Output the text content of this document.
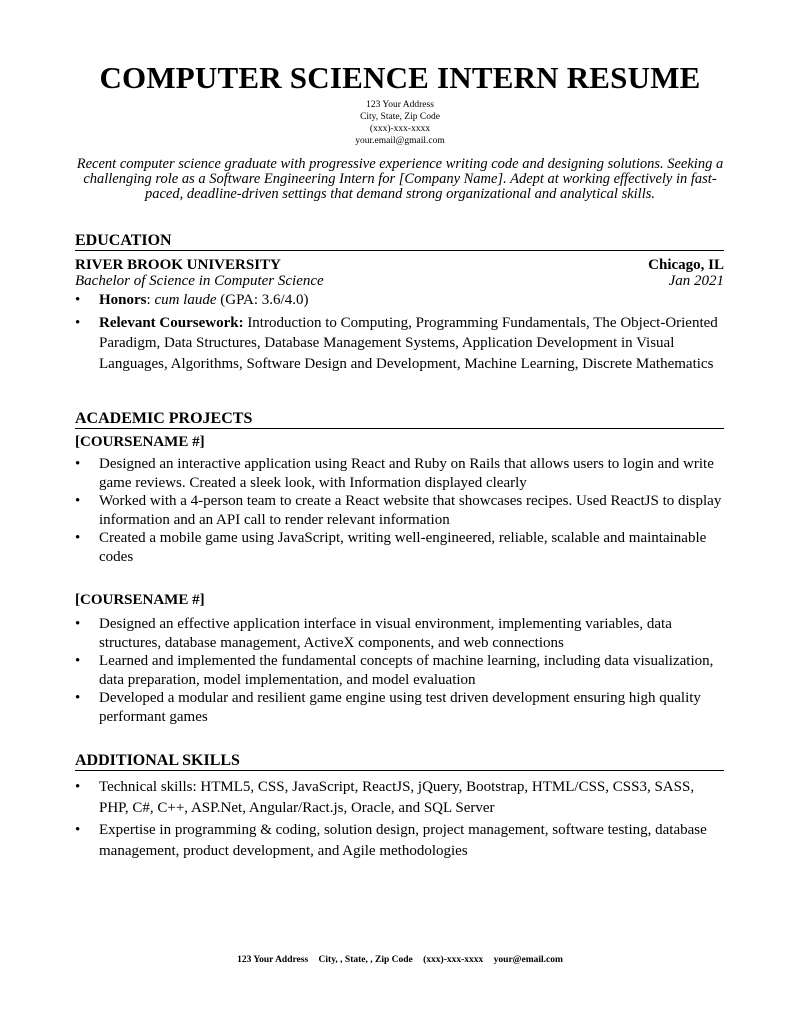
COMPUTER SCIENCE INTERN RESUME
123 Your Address
City, State, Zip Code
(xxx)-xxx-xxxx
your.email@gmail.com
Recent computer science graduate with progressive experience writing code and designing solutions. Seeking a challenging role as a Software Engineering Intern for [Company Name]. Adept at working effectively in fast-paced, deadline-driven settings that demand strong organizational and analytical skills.
EDUCATION
RIVER BROOK UNIVERSITY	Chicago, IL
Bachelor of Science in Computer Science	Jan 2021
•	Honors: cum laude (GPA: 3.6/4.0)
•	Relevant Coursework: Introduction to Computing, Programming Fundamentals, The Object-Oriented Paradigm, Data Structures, Database Management Systems, Application Development in Visual Languages, Algorithms, Software Design and Development, Machine Learning, Discrete Mathematics
ACADEMIC PROJECTS
[COURSENAME #]
•	Designed an interactive application using React and Ruby on Rails that allows users to login and write game reviews. Created a sleek look, with Information displayed clearly
•	Worked with a 4-person team to create a React website that showcases recipes. Used ReactJS to display information and an API call to render relevant information
•	Created a mobile game using JavaScript, writing well-engineered, reliable, scalable and maintainable codes
[COURSENAME #]
•	Designed an effective application interface in visual environment, implementing variables, data structures, database management, ActiveX components, and web connections
•	Learned and implemented the fundamental concepts of machine learning, including data visualization, data preparation, model implementation, and model evaluation
•	Developed a modular and resilient game engine using test driven development ensuring high quality performant games
ADDITIONAL SKILLS
•	Technical skills: HTML5, CSS, JavaScript, ReactJS, jQuery, Bootstrap, HTML/CSS, CSS3, SASS, PHP, C#, C++, ASP.Net, Angular/Ract.js, Oracle, and SQL Server
•	Expertise in programming & coding, solution design, project management, software testing, database management, product development, and Agile methodologies
123 Your Address City, , State, , Zip Code (xxx)-xxx-xxxx your@email.com
